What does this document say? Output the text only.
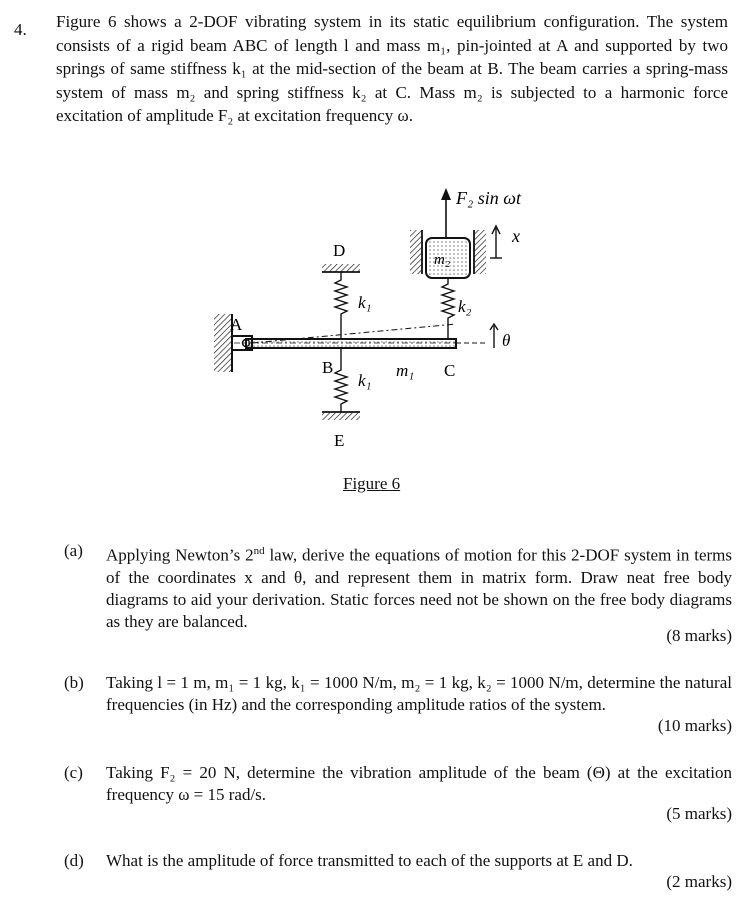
4. Figure 6 shows a 2-DOF vibrating system in its static equilibrium configuration. The system consists of a rigid beam ABC of length l and mass m₁, pin-jointed at A and supported by two springs of same stiffness k₁ at the mid-section of the beam at B. The beam carries a spring-mass system of mass m₂ and spring stiffness k₂ at C. Mass m₂ is subjected to a harmonic force excitation of amplitude F₂ at excitation frequency ω.
F₂ sin ωt
x
m₂
k₂
θ
D
k₁
A
B
k₁
m₁ C
E
Figure 6
(a) Applying Newton’s 2nd law, derive the equations of motion for this 2-DOF system in terms of the coordinates x and θ, and represent them in matrix form. Draw neat free body diagrams to aid your derivation. Static forces need not be shown on the free body diagrams as they are balanced.
(8 marks)
(b) Taking l = 1 m, m₁ = 1 kg, k₁ = 1000 N/m, m₂ = 1 kg, k₂ = 1000 N/m, determine the natural frequencies (in Hz) and the corresponding amplitude ratios of the system.
(10 marks)
(c) Taking F₂ = 20 N, determine the vibration amplitude of the beam (Θ) at the excitation frequency ω = 15 rad/s.
(5 marks)
(d) What is the amplitude of force transmitted to each of the supports at E and D.
(2 marks)
